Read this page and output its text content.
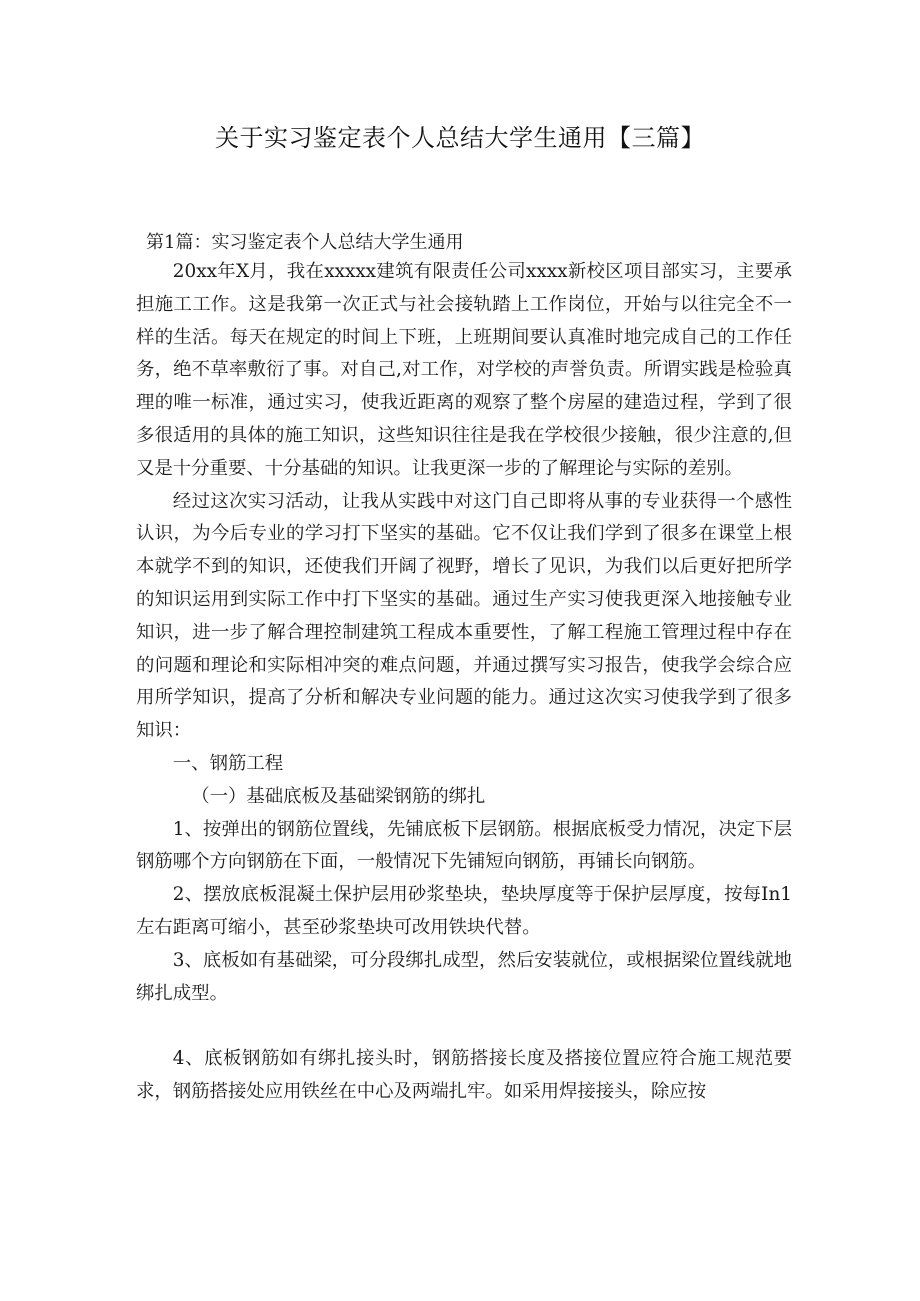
关于实习鉴定表个人总结大学生通用【三篇】
第1篇：实习鉴定表个人总结大学生通用

20xx年X月，我在xxxxx建筑有限责任公司xxxx新校区项目部实习，主要承担施工工作。这是我第一次正式与社会接轨踏上工作岗位，开始与以往完全不一样的生活。每天在规定的时间上下班，上班期间要认真准时地完成自己的工作任务，绝不草率敷衍了事。对自己,对工作，对学校的声誉负责。所谓实践是检验真理的唯一标准，通过实习，使我近距离的观察了整个房屋的建造过程，学到了很多很适用的具体的施工知识，这些知识往往是我在学校很少接触，很少注意的,但又是十分重要、十分基础的知识。让我更深一步的了解理论与实际的差别。

经过这次实习活动，让我从实践中对这门自己即将从事的专业获得一个感性认识，为今后专业的学习打下坚实的基础。它不仅让我们学到了很多在课堂上根本就学不到的知识，还使我们开阔了视野，增长了见识，为我们以后更好把所学的知识运用到实际工作中打下坚实的基础。通过生产实习使我更深入地接触专业知识，进一步了解合理控制建筑工程成本重要性，了解工程施工管理过程中存在的问题和理论和实际相冲突的难点问题，并通过撰写实习报告，使我学会综合应用所学知识，提高了分析和解决专业问题的能力。通过这次实习使我学到了很多知识：

一、钢筋工程

（一）基础底板及基础梁钢筋的绑扎

1、按弹出的钢筋位置线，先铺底板下层钢筋。根据底板受力情况，决定下层钢筋哪个方向钢筋在下面，一般情况下先铺短向钢筋，再铺长向钢筋。

2、摆放底板混凝土保护层用砂浆垫块，垫块厚度等于保护层厚度，按每In1左右距离可缩小，甚至砂浆垫块可改用铁块代替。

3、底板如有基础梁，可分段绑扎成型，然后安装就位，或根据梁位置线就地绑扎成型。

4、底板钢筋如有绑扎接头时，钢筋搭接长度及搭接位置应符合施工规范要求，钢筋搭接处应用铁丝在中心及两端扎牢。如采用焊接接头，除应按
